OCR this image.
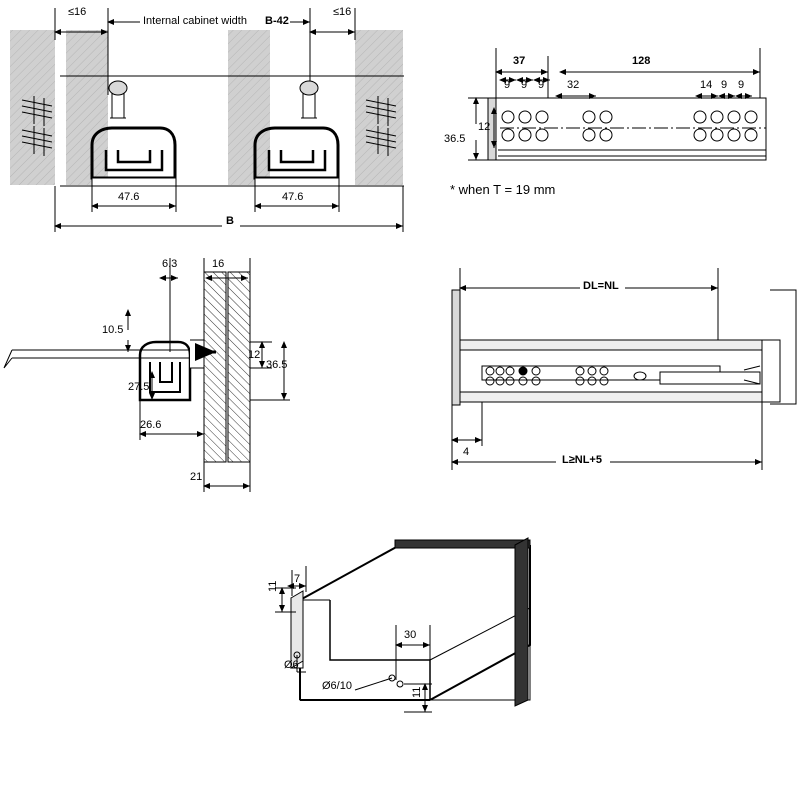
≤16
Internal cabinet width B-42
≤16
47.6	47.6
B
37	128
9 9 9 32	14 9 9
12
36.5
* when T = 19 mm
6.3	16
10.5
12
36.5
27.5
26.6
21
DL=NL
4
L≥NL+5
7
11
30
Ø6
Ø6/10
11
